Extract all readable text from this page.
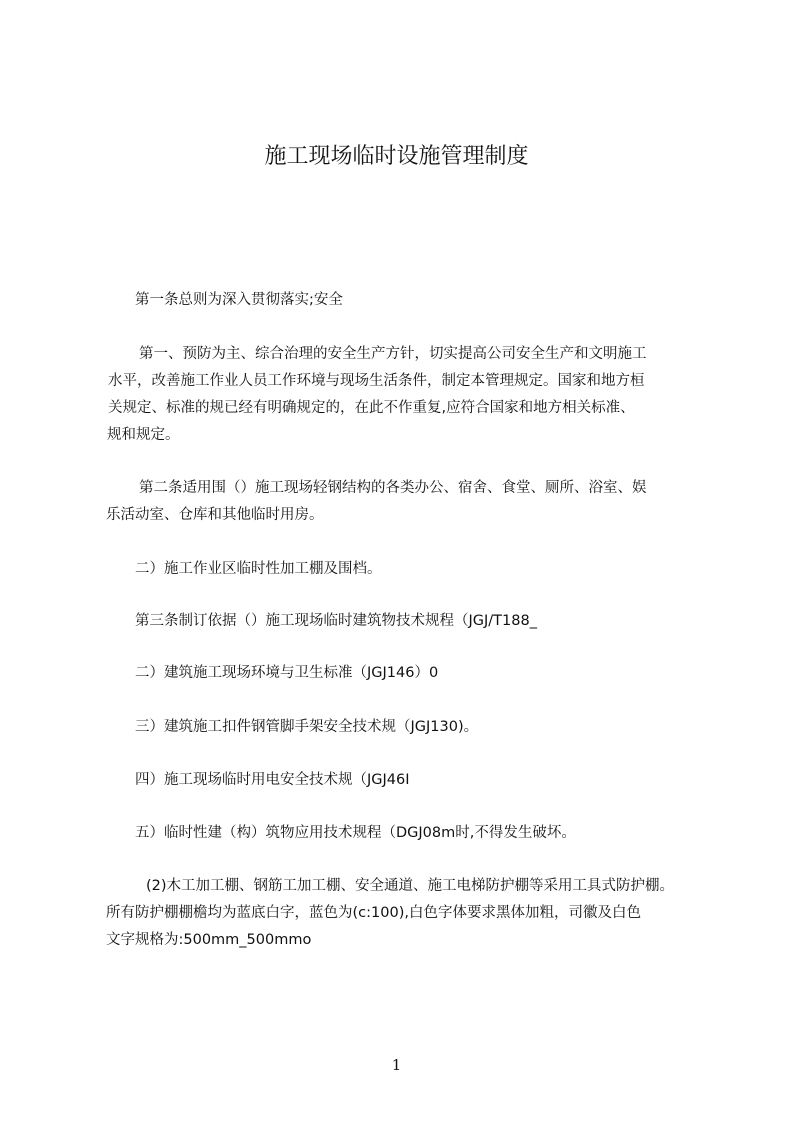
施工现场临时设施管理制度

第一条总则为深入贯彻落实;安全

第一、预防为主、综合治理的安全生产方针，切实提高公司安全生产和文明施工
水平，改善施工作业人员工作环境与现场生活条件，制定本管理规定。国家和地方桓
关规定、标准的规已经有明确规定的，在此不作重复,应符合国家和地方相关标准、
规和规定。

第二条适用围（）施工现场轻钢结构的各类办公、宿舍、食堂、厕所、浴室、娱
乐活动室、仓库和其他临时用房。

二）施工作业区临时性加工棚及围档。

第三条制订依据（）施工现场临时建筑物技术规程（JGJ/T188_

二）建筑施工现场环境与卫生标准（JGJ146）0

三）建筑施工扣件钢管脚手架安全技术规（JGJ130)。

四）施工现场临时用电安全技术规（JGJ46I

五）临时性建（构）筑物应用技术规程（DGJ08m时,不得发生破坏。

(2)木工加工棚、钢筋工加工棚、安全通道、施工电梯防护棚等采用工具式防护棚。
所有防护棚棚檐均为蓝底白字，蓝色为(c:100),白色字体要求黑体加粗，司徽及白色
文字规格为:500mm_500mmo

1
